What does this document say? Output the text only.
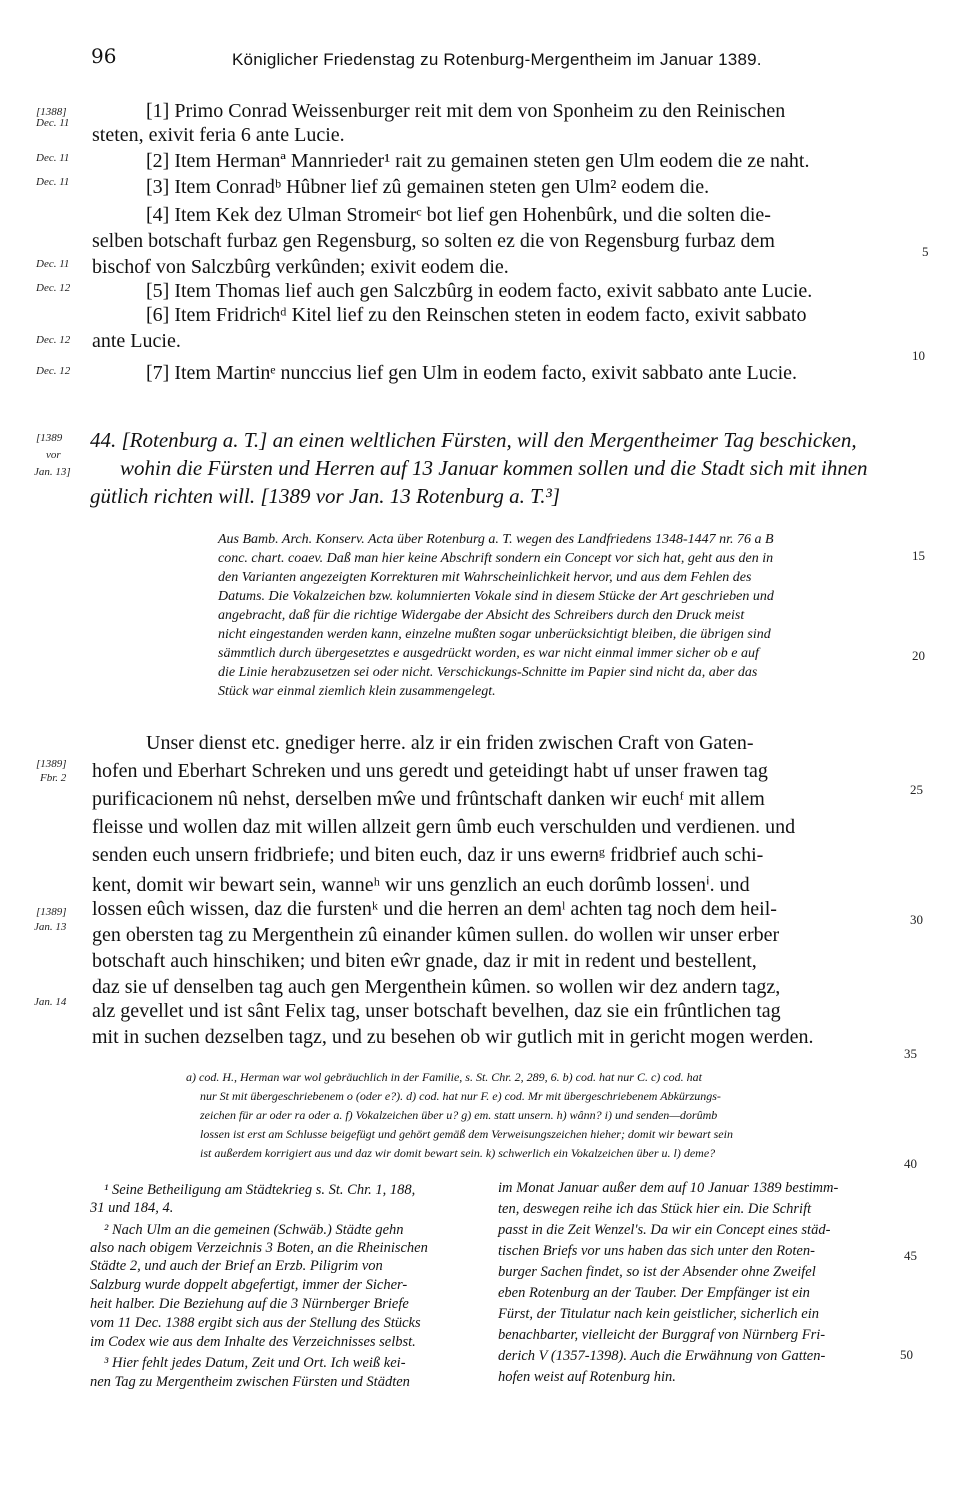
96	Königlicher Friedenstag zu Rotenburg-Mergentheim im Januar 1389.
[1388]
Dec. 11
Dec. 11
Dec. 11
Dec. 11
Dec. 12
Dec. 12
Dec. 12
[1389
vor
Jan. 13]
[1389]
Fbr. 2
[1389]
Jan. 13
Jan. 14
5
10
15
20
25
30
35
40
45
50
[1] Primo Conrad Weissenburger reit mit dem von Sponheim zu den Reinischen
steten, exivit feria 6 ante Lucie.
[2] Item Hermanª Mannrieder¹ rait zu gemainen steten gen Ulm eodem die ze naht.
[3] Item Conradᵇ Hûbner lief zû gemainen steten gen Ulm² eodem die.
[4] Item Kek dez Ulman Stromeirᶜ bot lief gen Hohenbûrk, und die solten die-
selben botschaft furbaz gen Regensburg, so solten ez die von Regensburg furbaz dem
bischof von Salczbûrg verkûnden; exivit eodem die.
[5] Item Thomas lief auch gen Salczbûrg in eodem facto, exivit sabbato ante Lucie.
[6] Item Fridrichᵈ Kitel lief zu den Reinschen steten in eodem facto, exivit sabbato
ante Lucie.
[7] Item Martinᵉ nunccius lief gen Ulm in eodem facto, exivit sabbato ante Lucie.
44. [Rotenburg a. T.] an einen weltlichen Fürsten, will den Mergentheimer Tag beschicken,
wohin die Fürsten und Herren auf 13 Januar kommen sollen und die Stadt sich mit ihnen
gütlich richten will. [1389 vor Jan. 13 Rotenburg a. T.³]
Aus Bamb. Arch. Konserv. Acta über Rotenburg a. T. wegen des Landfriedens 1348-1447 nr. 76 a B
conc. chart. coaev. Daß man hier keine Abschrift sondern ein Concept vor sich hat, geht aus den in
den Varianten angezeigten Korrekturen mit Wahrscheinlichkeit hervor, und aus dem Fehlen des
Datums. Die Vokalzeichen bzw. kolumnierten Vokale sind in diesem Stücke der Art geschrieben und
angebracht, daß für die richtige Widergabe der Absicht des Schreibers durch den Druck meist
nicht eingestanden werden kann, einzelne mußten sogar unberücksichtigt bleiben, die übrigen sind
sämmtlich durch übergesetztes e ausgedrückt worden, es war nicht einmal immer sicher ob e auf
die Linie herabzusetzen sei oder nicht. Verschickungs-Schnitte im Papier sind nicht da, aber das
Stück war einmal ziemlich klein zusammengelegt.
Unser dienst etc. gnediger herre. alz ir ein friden zwischen Craft von Gaten-
hofen und Eberhart Schreken und uns geredt und geteidingt habt uf unser frawen tag
purificacionem nû nehst, derselben mŵe und frûntschaft danken wir euchᶠ mit allem
fleisse und wollen daz mit willen allzeit gern ûmb euch verschulden und verdienen. und
senden euch unsern fridbriefe; und biten euch, daz ir uns ewernᵍ fridbrief auch schi-
kent, domit wir bewart sein, wanneʰ wir uns genzlich an euch dorûmb lossenⁱ. und
lossen eûch wissen, daz die furstenᵏ und die herren an demˡ achten tag noch dem heil-
gen obersten tag zu Mergenthein zû einander kûmen sullen. do wollen wir unser erber
botschaft auch hinschiken; und biten eŵr gnade, daz ir mit in redent und bestellent,
daz sie uf denselben tag auch gen Mergenthein kûmen. so wollen wir dez andern tagz,
alz gevellet und ist sânt Felix tag, unser botschaft bevelhen, daz sie ein frûntlichen tag
mit in suchen dezselben tagz, und zu besehen ob wir gutlich mit in gericht mogen werden.
a) cod. H., Herman war wol gebräuchlich in der Familie, s. St. Chr. 2, 289, 6. b) cod. hat nur C. c) cod. hat
nur St mit übergeschriebenem o (oder e?). d) cod. hat nur F. e) cod. Mr mit übergeschriebenem Abkürzungs-
zeichen für ar oder ra oder a. f) Vokalzeichen über u? g) em. statt unsern. h) wânn? i) und senden—dorûmb
lossen ist erst am Schlusse beigefügt und gehört gemäß dem Verweisungszeichen hieher; domit wir bewart sein
ist außerdem korrigiert aus und daz wir domit bewart sein. k) schwerlich ein Vokalzeichen über u. l) deme?
¹ Seine Betheiligung am Städtekrieg s. St. Chr. 1, 188,
31 und 184, 4.
² Nach Ulm an die gemeinen (Schwäb.) Städte gehn
also nach obigem Verzeichnis 3 Boten, an die Rheinischen
Städte 2, und auch der Brief an Erzb. Piligrim von
Salzburg wurde doppelt abgefertigt, immer der Sicher-
heit halber. Die Beziehung auf die 3 Nürnberger Briefe
vom 11 Dec. 1388 ergibt sich aus der Stellung des Stücks
im Codex wie aus dem Inhalte des Verzeichnisses selbst.
³ Hier fehlt jedes Datum, Zeit und Ort. Ich weiß kei-
nen Tag zu Mergentheim zwischen Fürsten und Städten
im Monat Januar außer dem auf 10 Januar 1389 bestimm-
ten, deswegen reihe ich das Stück hier ein. Die Schrift
passt in die Zeit Wenzel's. Da wir ein Concept eines städ-
tischen Briefs vor uns haben das sich unter den Roten-
burger Sachen findet, so ist der Absender ohne Zweifel
eben Rotenburg an der Tauber. Der Empfänger ist ein
Fürst, der Titulatur nach kein geistlicher, sicherlich ein
benachbarter, vielleicht der Burggraf von Nürnberg Fri-
derich V (1357-1398). Auch die Erwähnung von Gatten-
hofen weist auf Rotenburg hin.
